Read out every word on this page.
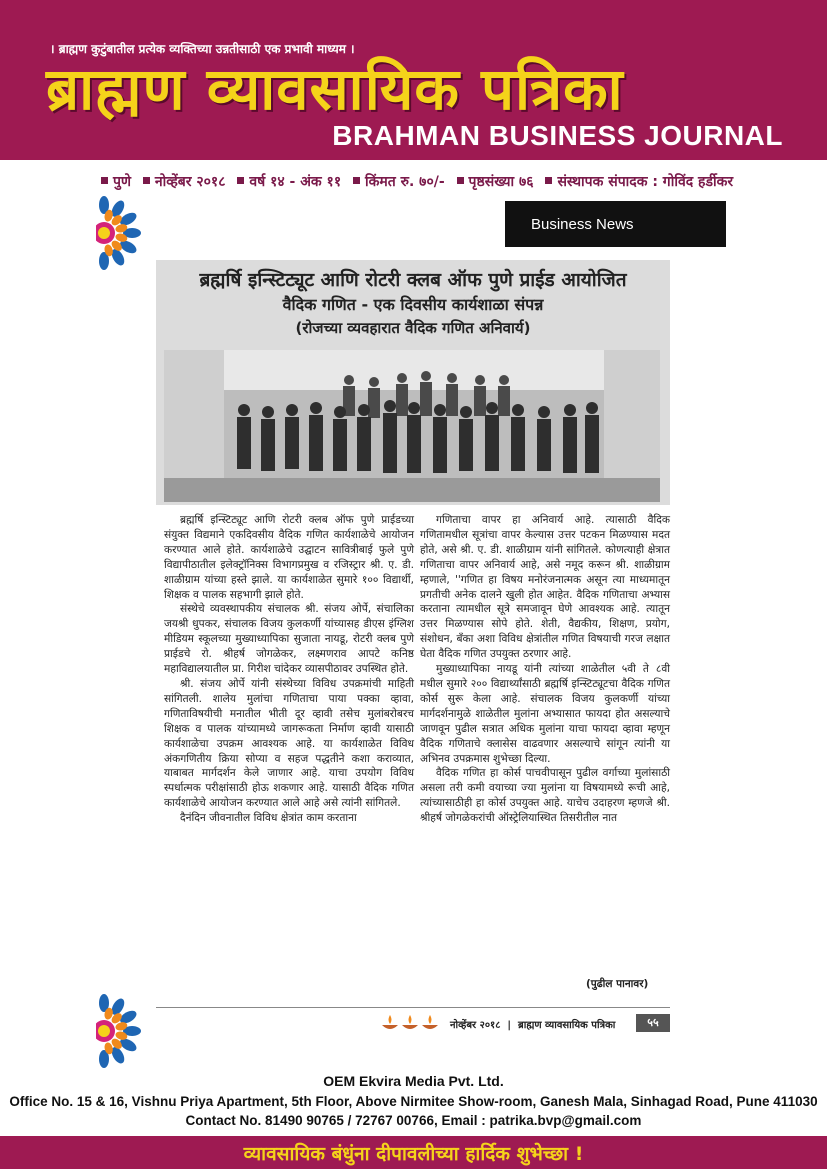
। ब्राह्मण कुटुंबातील प्रत्येक व्यक्तिच्या उन्नतीसाठी एक प्रभावी माध्यम ।
ब्राह्मण व्यावसायिक पत्रिका
BRAHMAN BUSINESS JOURNAL
पुणे नोव्हेंबर २०१८ वर्ष १४ - अंक ११ किंमत रु. ७०/- पृष्ठसंख्या ७६ संस्थापक संपादक : गोविंद हर्डीकर
Business News
ब्रह्मर्षि इन्स्टिट्यूट आणि रोटरी क्लब ऑफ पुणे प्राईड आयोजित
वैदिक गणित - एक दिवसीय कार्यशाळा संपन्न
(रोजच्या व्यवहारात वैदिक गणित अनिवार्य)

ब्रह्मर्षि इन्स्टिट्यूट आणि रोटरी क्लब ऑफ पुणे प्राईडच्या संयुक्त विद्यमाने एकदिवसीय वैदिक गणित कार्यशाळेचे आयोजन करण्यात आले होते. कार्यशाळेचे उद्घाटन सावित्रीबाई फुले पुणे विद्यापीठातील इलेक्ट्रॉनिक्स विभागप्रमुख व रजिस्ट्रार श्री. ए. डी. शाळीग्राम यांच्या हस्ते झाले. या कार्यशाळेत सुमारे १०० विद्यार्थी, शिक्षक व पालक सहभागी झाले होते.

संस्थेचे व्यवस्थापकीय संचालक श्री. संजय ओर्पे, संचालिका जयश्री धुपकर, संचालक विजय कुलकर्णी यांच्यासह डीएस इंग्लिश मीडियम स्कूलच्या मुख्याध्यापिका सुजाता नायडू, रोटरी क्लब पुणे प्राईडचे रो. श्रीहर्ष जोगळेकर, लक्ष्मणराव आपटे कनिष्ठ महाविद्यालयातील प्रा. गिरीश चांदेकर व्यासपीठावर उपस्थित होते.

श्री. संजय ओर्पे यांनी संस्थेच्या विविध उपक्रमांची माहिती सांगितली. शालेय मुलांचा गणिताचा पाया पक्का व्हावा, गणिताविषयीची मनातील भीती दूर व्हावी तसेच मुलांबरोबरच शिक्षक व पालक यांच्यामध्ये जागरूकता निर्माण व्हावी यासाठी कार्यशाळेचा उपक्रम आवश्यक आहे. या कार्यशाळेत विविध अंकगणितीय क्रिया सोप्या व सहज पद्धतीने कशा कराव्यात, याबाबत मार्गदर्शन केले जाणार आहे. याचा उपयोग विविध स्पर्धात्मक परीक्षांसाठी होऊ शकणार आहे. यासाठी वैदिक गणित कार्यशाळेचे आयोजन करण्यात आले आहे असे त्यांनी सांगितले.

दैनंदिन जीवनातील विविध क्षेत्रांत काम करताना

गणिताचा वापर हा अनिवार्य आहे. त्यासाठी वैदिक गणितामधील सूत्रांचा वापर केल्यास उत्तर पटकन मिळण्यास मदत होते, असे श्री. ए. डी. शाळीग्राम यांनी सांगितले. कोणत्याही क्षेत्रात गणिताचा वापर अनिवार्य आहे, असे नमूद करून श्री. शाळीग्राम म्हणाले, ''गणित हा विषय मनोरंजनात्मक असून त्या माध्यमातून प्रगतीची अनेक दालने खुली होत आहेत. वैदिक गणिताचा अभ्यास करताना त्यामधील सूत्रे समजावून घेणे आवश्यक आहे. त्यातून उत्तर मिळण्यास सोपे होते. शेती, वैद्यकीय, शिक्षण, प्रयोग, संशोधन, बँका अशा विविध क्षेत्रांतील गणित विषयाची गरज लक्षात घेता वैदिक गणित उपयुक्त ठरणार आहे.

मुख्याध्यापिका नायडू यांनी त्यांच्या शाळेतील ५वी ते ८वी मधील सुमारे २०० विद्यार्थ्यांसाठी ब्रह्मर्षि इन्स्टिट्यूटचा वैदिक गणित कोर्स सुरू केला आहे. संचालक विजय कुलकर्णी यांच्या मार्गदर्शनामुळे शाळेतील मुलांना अभ्यासात फायदा होत असल्याचे जाणवून पुढील सत्रात अधिक मुलांना याचा फायदा व्हावा म्हणून वैदिक गणिताचे क्लासेस वाढवणार असल्याचे सांगून त्यांनी या अभिनव उपक्रमास शुभेच्छा दिल्या.

वैदिक गणित हा कोर्स पाचवीपासून पुढील वर्गाच्या मुलांसाठी असला तरी कमी वयाच्या ज्या मुलांना या विषयामध्ये रूची आहे, त्यांच्यासाठीही हा कोर्स उपयुक्त आहे. याचेच उदाहरण म्हणजे श्री. श्रीहर्ष जोगळेकरांची ऑस्ट्रेलियास्थित तिसरीतील नात

(पुढील पानावर)
नोव्हेंबर २०१८ | ब्राह्मण व्यावसायिक पत्रिका	५५
OEM Ekvira Media Pvt. Ltd.
Office No. 15 & 16, Vishnu Priya Apartment, 5th Floor, Above Nirmitee Show-room, Ganesh Mala, Sinhagad Road, Pune 411030
Contact No. 81490 90765 / 72767 00766, Email : patrika.bvp@gmail.com
व्यावसायिक बंधुंना दीपावलीच्या हार्दिक शुभेच्छा !
